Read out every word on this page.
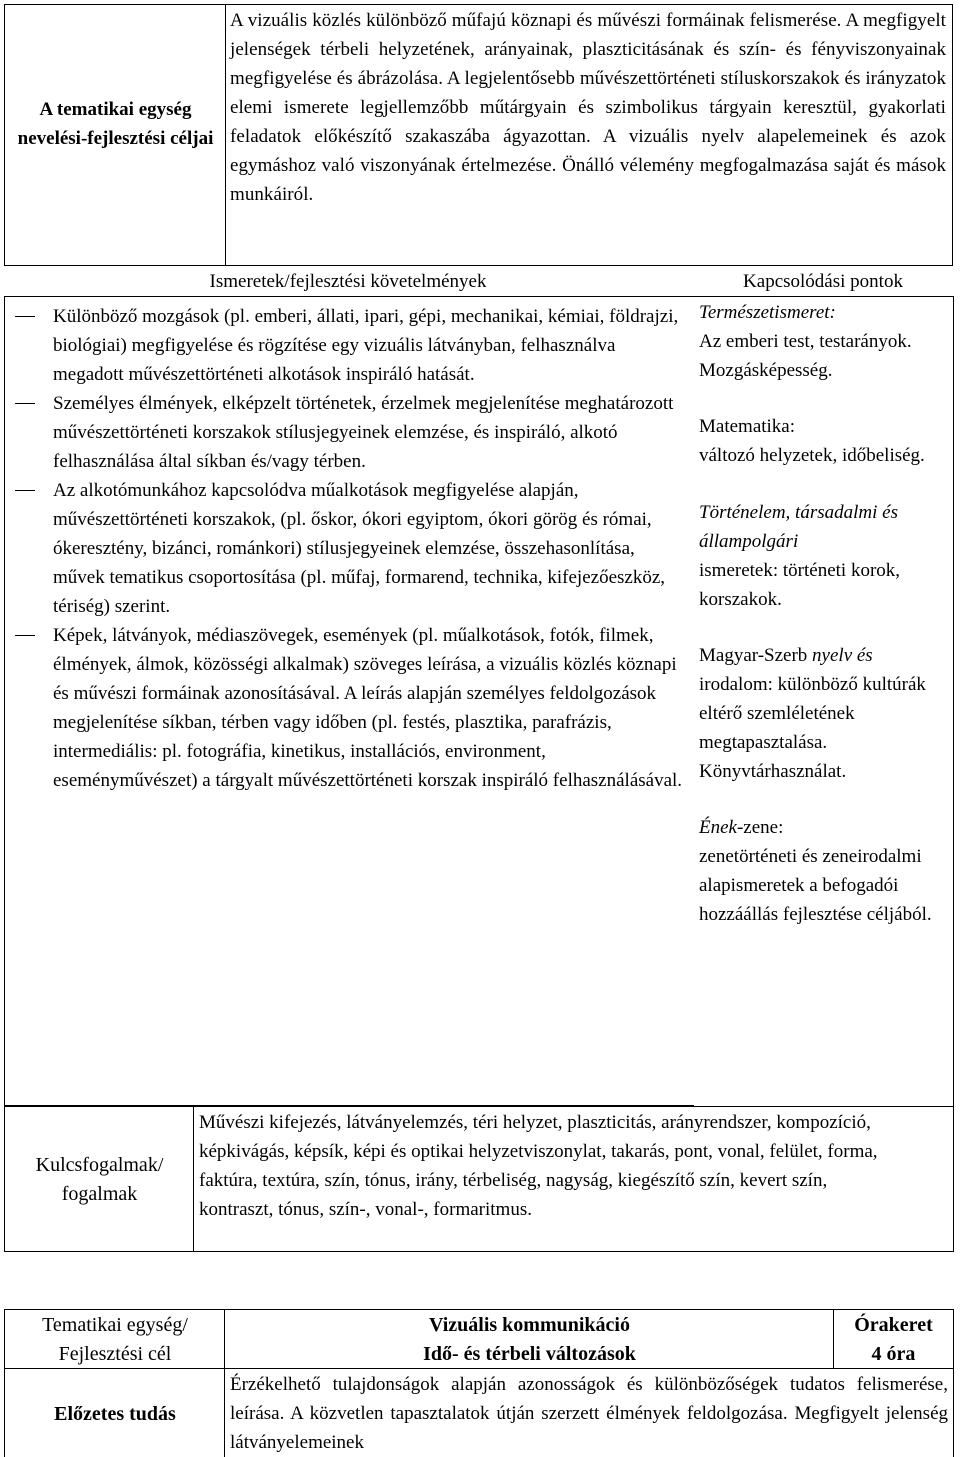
A tematikai egység nevelési-fejlesztési céljai
A vizuális közlés különböző műfajú köznapi és művészi formáinak felismerése. A megfigyelt jelenségek térbeli helyzetének, arányainak, plaszticitásának és szín- és fényviszonyainak megfigyelése és ábrázolása. A legjelentősebb művészettörténeti stíluskorszakok és irányzatok elemi ismerete legjellemzőbb műtárgyain és szimbolikus tárgyain keresztül, gyakorlati feladatok előkészítő szakaszába ágyazottan. A vizuális nyelv alapelemeinek és azok egymáshoz való viszonyának értelmezése. Önálló vélemény megfogalmazása saját és mások munkáiról.
Ismeretek/fejlesztési követelmények	Kapcsolódási pontok
Különböző mozgások (pl. emberi, állati, ipari, gépi, mechanikai, kémiai, földrajzi, biológiai) megfigyelése és rögzítése egy vizuális látványban, felhasználva megadott művészettörténeti alkotások inspiráló hatását.
Személyes élmények, elképzelt történetek, érzelmek megjelenítése meghatározott művészettörténeti korszakok stílusjegyeinek elemzése, és inspiráló, alkotó felhasználása által síkban és/vagy térben.
Az alkotómunkához kapcsolódva műalkotások megfigyelése alapján, művészettörténeti korszakok, (pl. őskor, ókori egyiptom, ókori görög és római, ókeresztény, bizánci, románkori) stílusjegyeinek elemzése, összehasonlítása, művek tematikus csoportosítása (pl. műfaj, formarend, technika, kifejezőeszköz, tériség) szerint.
Képek, látványok, médiaszövegek, események (pl. műalkotások, fotók, filmek, élmények, álmok, közösségi alkalmak) szöveges leírása, a vizuális közlés köznapi és művészi formáinak azonosításával. A leírás alapján személyes feldolgozások megjelenítése síkban, térben vagy időben (pl. festés, plasztika, parafrázis, intermediális: pl. fotográfia, kinetikus, installációs, environment, eseményművészet) a tárgyalt művészettörténeti korszak inspiráló felhasználásával.

Természetismeret:

Az emberi test, testarányok. Mozgásképesség.

Matematika:

változó helyzetek, időbeliség.

Történelem, társadalmi és állampolgári

ismeretek: történeti korok, korszakok.

Magyar-Szerb nyelv és

irodalom: különböző kultúrák eltérő szemléletének megtapasztalása. Könyvtárhasználat.

Ének-zene:

zenetörténeti és zeneirodalmi alapismeretek a befogadói hozzáállás fejlesztése céljából.

Kulcsfogalmak/ fogalmak
Művészi kifejezés, látványelemzés, téri helyzet, plaszticitás, arányrendszer, kompozíció, képkivágás, képsík, képi és optikai helyzetviszonylat, takarás, pont, vonal, felület, forma, faktúra, textúra, szín, tónus, irány, térbeliség, nagyság, kiegészítő szín, kevert szín, kontraszt, tónus, szín-, vonal-, formaritmus.
Tematikai egység/ Fejlesztési cél
Vizuális kommunikáció
Idő- és térbeli változások
Órakeret
4 óra
Előzetes tudás
Érzékelhető tulajdonságok alapján azonosságok és különbözőségek tudatos felismerése, leírása. A közvetlen tapasztalatok útján szerzett élmények feldolgozása. Megfigyelt jelenség látványelemeinek
